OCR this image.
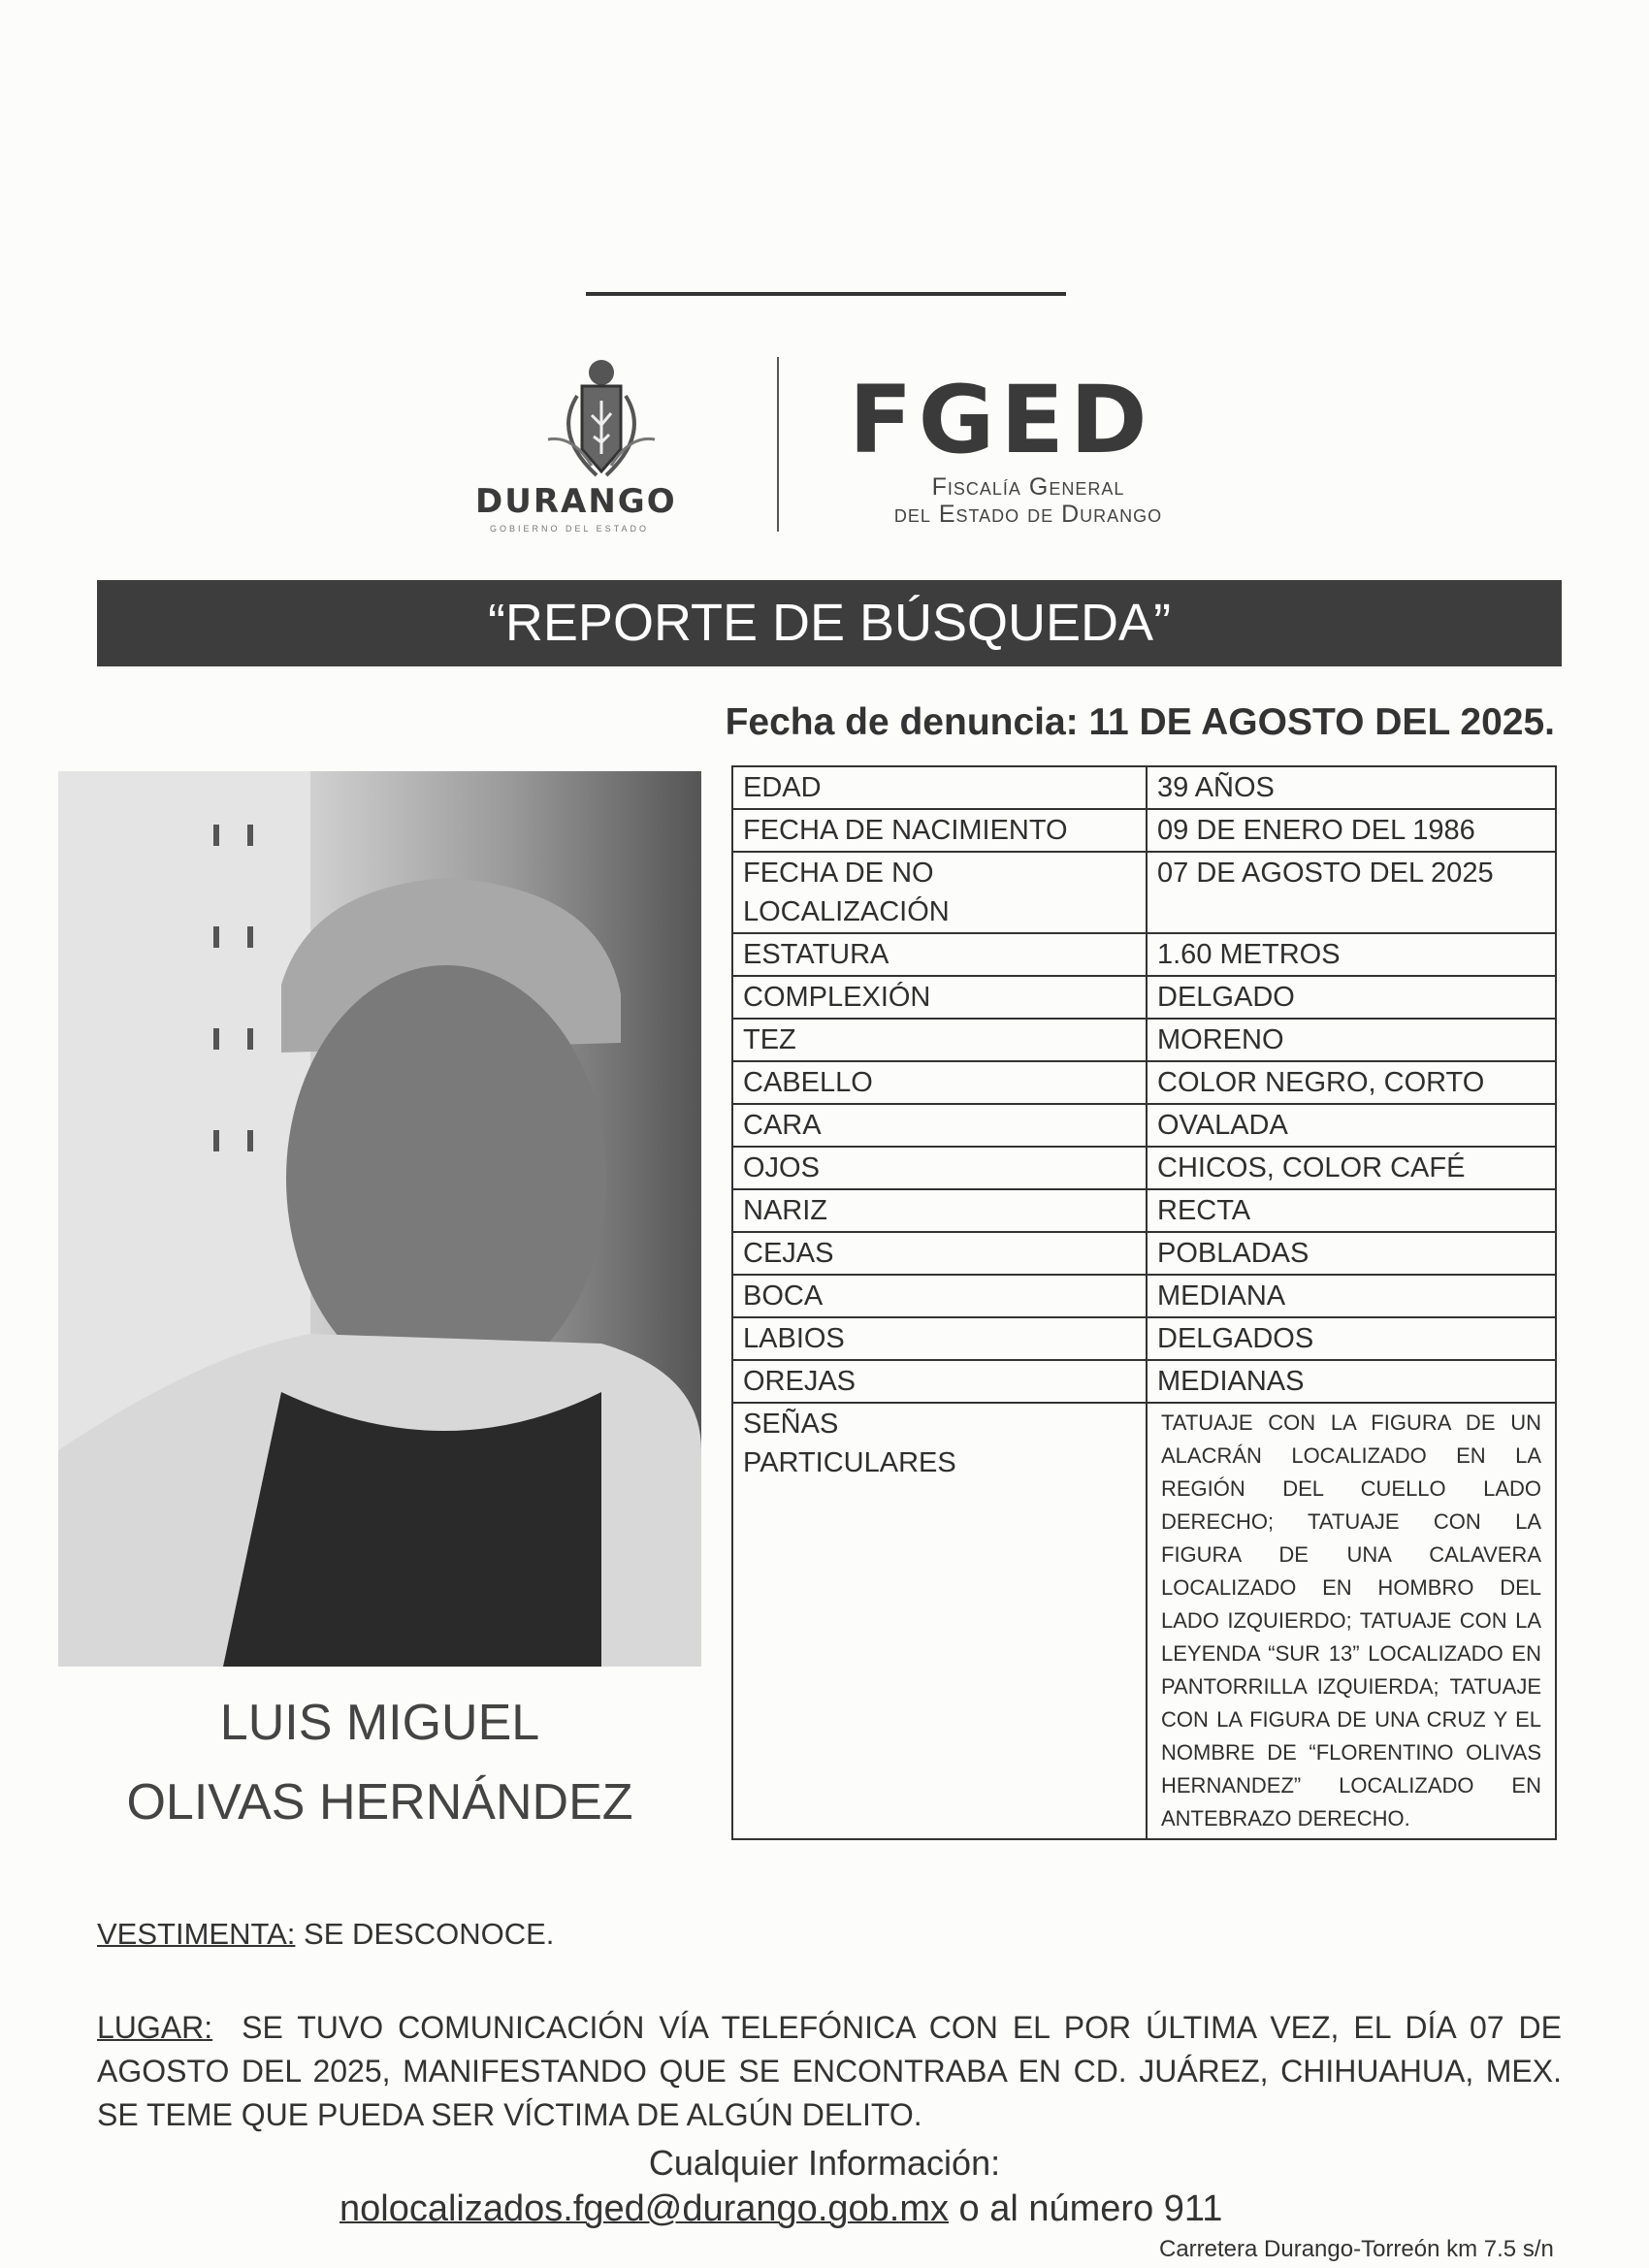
DURANGO
GOBIERNO DEL ESTADO
FGED
Fiscalía General
del Estado de Durango
“REPORTE DE BÚSQUEDA”
Fecha de denuncia: 11 DE AGOSTO DEL 2025.
EDAD	39 AÑOS
FECHA DE NACIMIENTO	09 DE ENERO DEL 1986
FECHA DE NO LOCALIZACIÓN	07 DE AGOSTO DEL 2025
ESTATURA	1.60 METROS
COMPLEXIÓN	DELGADO
TEZ	MORENO
CABELLO	COLOR NEGRO, CORTO
CARA	OVALADA
OJOS	CHICOS, COLOR CAFÉ
NARIZ	RECTA
CEJAS	POBLADAS
BOCA	MEDIANA
LABIOS	DELGADOS
OREJAS	MEDIANAS
SEÑAS PARTICULARES	TATUAJE CON LA FIGURA DE UN ALACRÁN LOCALIZADO EN LA REGIÓN DEL CUELLO LADO DERECHO; TATUAJE CON LA FIGURA DE UNA CALAVERA LOCALIZADO EN HOMBRO DEL LADO IZQUIERDO; TATUAJE CON LA LEYENDA “SUR 13” LOCALIZADO EN PANTORRILLA IZQUIERDA; TATUAJE CON LA FIGURA DE UNA CRUZ Y EL NOMBRE DE “FLORENTINO OLIVAS HERNANDEZ” LOCALIZADO EN ANTEBRAZO DERECHO.
LUIS MIGUEL
OLIVAS HERNÁNDEZ
VESTIMENTA: SE DESCONOCE.
LUGAR:  SE TUVO COMUNICACIÓN VÍA TELEFÓNICA CON EL POR ÚLTIMA VEZ, EL DÍA 07 DE AGOSTO DEL 2025, MANIFESTANDO QUE SE ENCONTRABA EN CD. JUÁREZ, CHIHUAHUA, MEX. SE TEME QUE PUEDA SER VÍCTIMA DE ALGÚN DELITO.
Cualquier Información:
nolocalizados.fged@durango.gob.mx o al número 911
Carretera Durango-Torreón km 7.5 s/n
